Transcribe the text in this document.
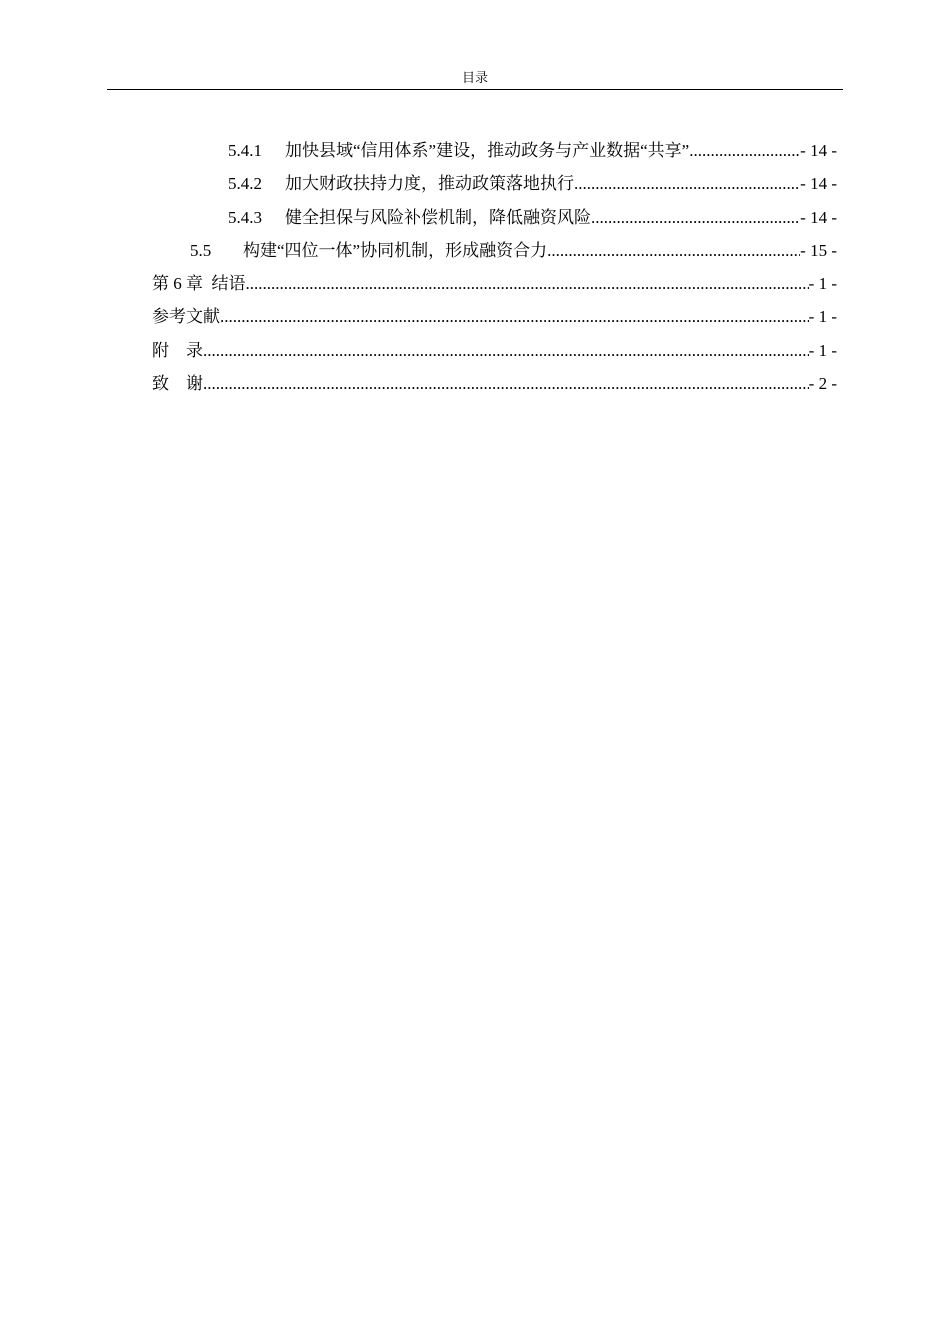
目录
5.4.1	加快县域“信用体系”建设，推动政务与产业数据“共享” .....	- 14 -
5.4.2	加大财政扶持力度，推动政策落地执行 .....	- 14 -
5.4.3	健全担保与风险补偿机制，降低融资风险 .....	- 14 -
5.5	构建“四位一体”协同机制，形成融资合力 .....	- 15 -
第 6 章  结语 .....	- 1 -
参考文献 .....	- 1 -
附    录 .....	- 1 -
致    谢 .....	- 2 -
